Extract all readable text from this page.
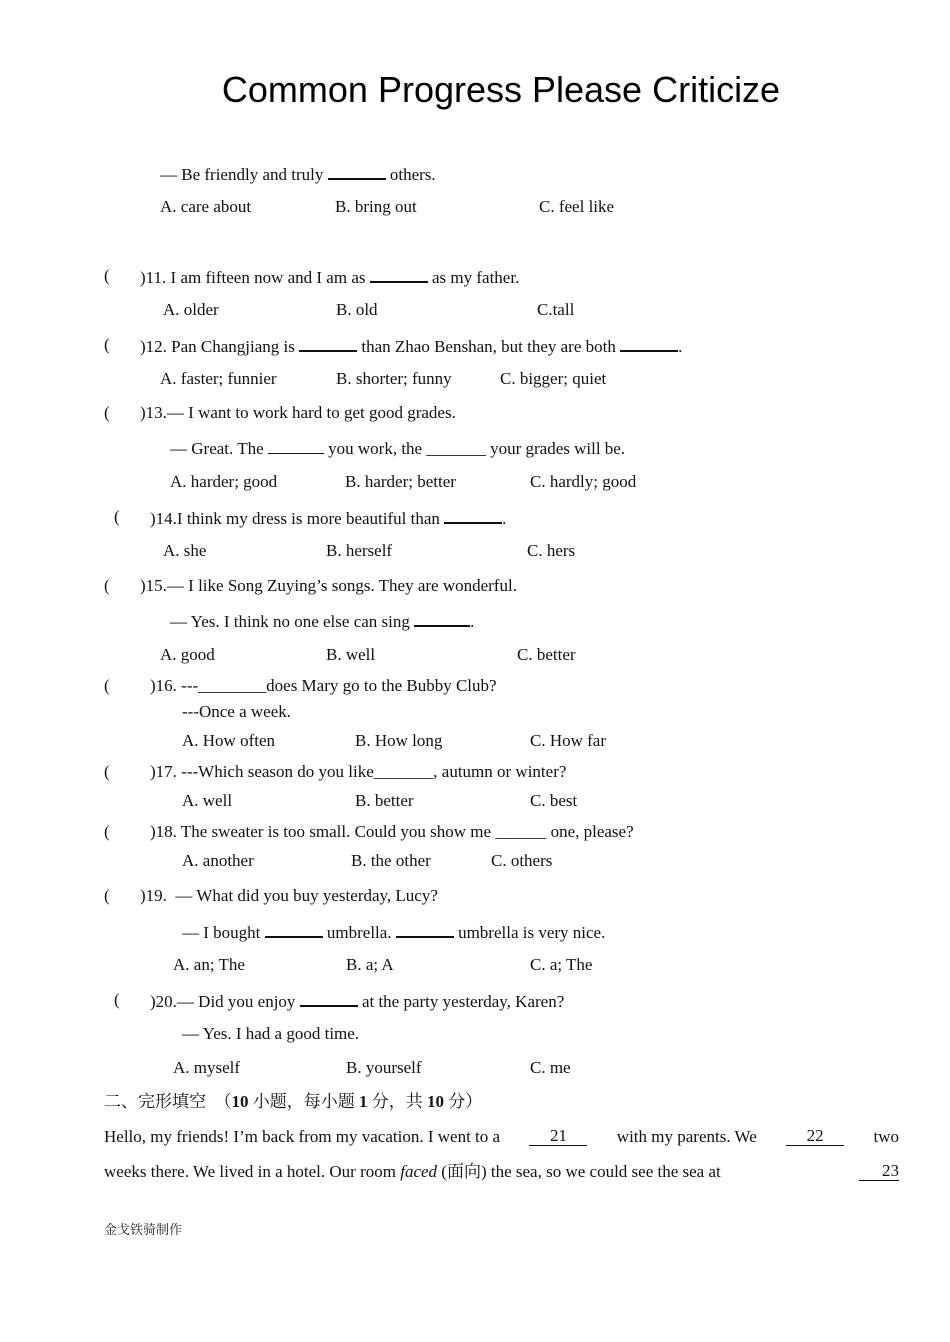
Common Progress Please Criticize
— Be friendly and truly	others.
A. care about	B. bring out	C. feel like
( )11. I am fifteen now and I am as	as my father.
A. older	B. old	C.tall
( )12. Pan Changjiang is	than Zhao Benshan, but they are both	.
A. faster; funnier	B. shorter; funny	C. bigger; quiet
( )13.— I want to work hard to get good grades.
— Great. The	you work, the _______ your grades will be.
A. harder; good	B. harder; better	C. hardly; good
( )14.I think my dress is more beautiful than	.
A. she	B. herself	C. hers
( )15.— I like Song Zuying’s songs. They are wonderful.
— Yes. I think no one else can sing	.
A. good	B. well	C. better
( )16. ---________does Mary go to the Bubby Club?
---Once a week.
A. How often	B. How long	C. How far
( )17. ---Which season do you like_______, autumn or winter?
A. well	B. better	C. best
( )18. The sweater is too small. Could you show me ______ one, please?
A. another	B. the other	C. others
( )19.  — What did you buy yesterday, Lucy?
— I bought	umbrella.	umbrella is very nice.
A. an; The	B. a; A	C. a; The
( )20.— Did you enjoy	at the party yesterday, Karen?
— Yes. I had a good time.
A. myself	B. yourself	C. me
二、完形填空  （10 小题，每小题 1 分，共 10 分）
Hello, my friends! I’m back from my vacation. I went to a	21	with my parents. We	22	two
weeks there. We lived in a hotel. Our room faced (面向) the sea, so we could see the sea at	23
金戈铁骑制作
